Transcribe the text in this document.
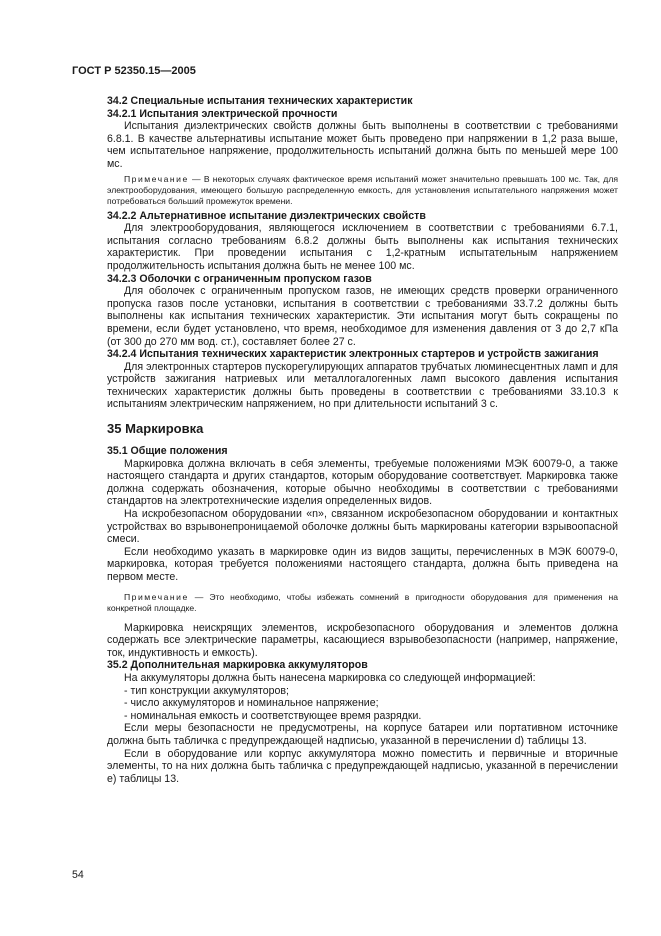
ГОСТ Р 52350.15—2005

34.2 Специальные испытания технических характеристик

34.2.1 Испытания электрической прочности

Испытания диэлектрических свойств должны быть выполнены в соответствии с требованиями 6.8.1. В качестве альтернативы испытание может быть проведено при напряжении в 1,2 раза выше, чем испытательное напряжение, продолжительность испытаний должна быть по меньшей мере 100 мс.

Примечание — В некоторых случаях фактическое время испытаний может значительно превышать 100 мс. Так, для электрооборудования, имеющего большую распределенную емкость, для установления испытательного напряжения может потребоваться больший промежуток времени.

34.2.2 Альтернативное испытание диэлектрических свойств

Для электрооборудования, являющегося исключением в соответствии с требованиями 6.7.1, испытания согласно требованиям 6.8.2 должны быть выполнены как испытания технических характеристик. При проведении испытания с 1,2-кратным испытательным напряжением продолжительность испытания должна быть не менее 100 мс.

34.2.3 Оболочки с ограниченным пропуском газов

Для оболочек с ограниченным пропуском газов, не имеющих средств проверки ограниченного пропуска газов после установки, испытания в соответствии с требованиями 33.7.2 должны быть выполнены как испытания технических характеристик. Эти испытания могут быть сокращены по времени, если будет установлено, что время, необходимое для изменения давления от 3 до 2,7 кПа (от 300 до 270 мм вод. ст.), составляет более 27 с.

34.2.4 Испытания технических характеристик электронных стартеров и устройств зажигания

Для электронных стартеров пускорегулирующих аппаратов трубчатых люминесцентных ламп и для устройств зажигания натриевых или металлогалогенных ламп высокого давления испытания технических характеристик должны быть проведены в соответствии с требованиями 33.10.3 к испытаниям электрическим напряжением, но при длительности испытаний 3 с.

35 Маркировка

35.1 Общие положения

Маркировка должна включать в себя элементы, требуемые положениями МЭК 60079-0, а также настоящего стандарта и других стандартов, которым оборудование соответствует. Маркировка также должна содержать обозначения, которые обычно необходимы в соответствии с требованиями стандартов на электротехнические изделия определенных видов.

На искробезопасном оборудовании «n», связанном искробезопасном оборудовании и контактных устройствах во взрывонепроницаемой оболочке должны быть маркированы категории взрывоопасной смеси.

Если необходимо указать в маркировке один из видов защиты, перечисленных в МЭК 60079-0, маркировка, которая требуется положениями настоящего стандарта, должна быть приведена на первом месте.

Примечание — Это необходимо, чтобы избежать сомнений в пригодности оборудования для применения на конкретной площадке.

Маркировка неискрящих элементов, искробезопасного оборудования и элементов должна содержать все электрические параметры, касающиеся взрывобезопасности (например, напряжение, ток, индуктивность и емкость).

35.2 Дополнительная маркировка аккумуляторов

На аккумуляторы должна быть нанесена маркировка со следующей информацией:

- тип конструкции аккумуляторов;

- число аккумуляторов и номинальное напряжение;

- номинальная емкость и соответствующее время разрядки.

Если меры безопасности не предусмотрены, на корпусе батареи или портативном источнике должна быть табличка с предупреждающей надписью, указанной в перечислении d) таблицы 13.

Если в оборудование или корпус аккумулятора можно поместить и первичные и вторичные элементы, то на них должна быть табличка с предупреждающей надписью, указанной в перечислении е) таблицы 13.

54
